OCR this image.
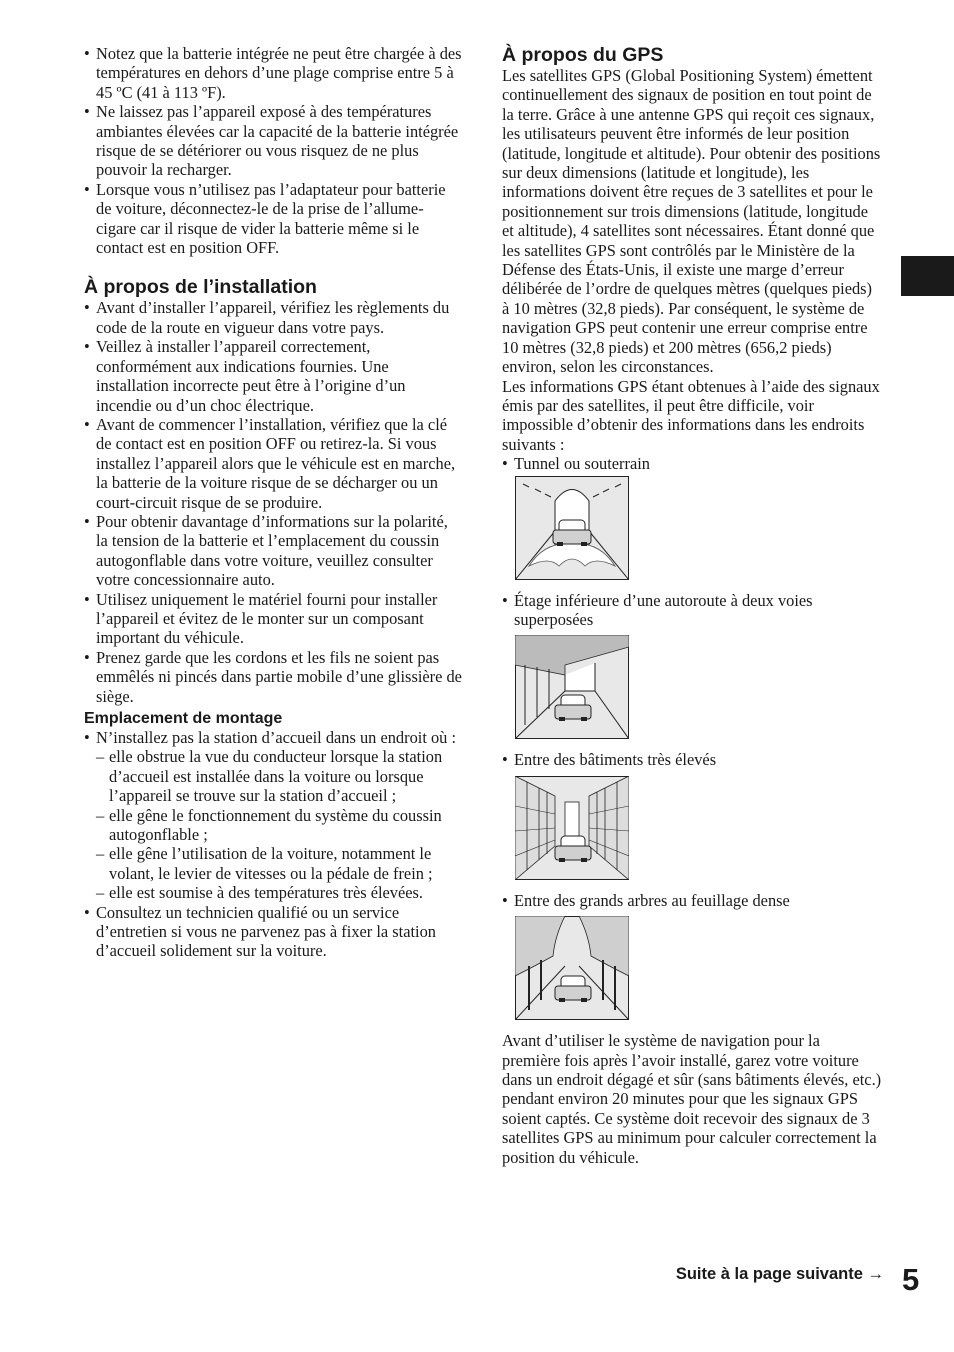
• Notez que la batterie intégrée ne peut être chargée à des températures en dehors d’une plage comprise entre 5 à 45 ºC (41 à 113 ºF).
• Ne laissez pas l’appareil exposé à des températures ambiantes élevées car la capacité de la batterie intégrée risque de se détériorer ou vous risquez de ne plus pouvoir la recharger.
• Lorsque vous n’utilisez pas l’adaptateur pour batterie de voiture, déconnectez-le de la prise de l’allume-cigare car il risque de vider la batterie même si le contact est en position OFF.
À propos de l’installation
• Avant d’installer l’appareil, vérifiez les règlements du code de la route en vigueur dans votre pays.
• Veillez à installer l’appareil correctement, conformément aux indications fournies. Une installation incorrecte peut être à l’origine d’un incendie ou d’un choc électrique.
• Avant de commencer l’installation, vérifiez que la clé de contact est en position OFF ou retirez-la. Si vous installez l’appareil alors que le véhicule est en marche, la batterie de la voiture risque de se décharger ou un court-circuit risque de se produire.
• Pour obtenir davantage d’informations sur la polarité, la tension de la batterie et l’emplacement du coussin autogonflable dans votre voiture, veuillez consulter votre concessionnaire auto.
• Utilisez uniquement le matériel fourni pour installer l’appareil et évitez de le monter sur un composant important du véhicule.
• Prenez garde que les cordons et les fils ne soient pas emmêlés ni pincés dans partie mobile d’une glissière de siège.
Emplacement de montage
• N’installez pas la station d’accueil dans un endroit où :
– elle obstrue la vue du conducteur lorsque la station d’accueil est installée dans la voiture ou lorsque l’appareil se trouve sur la station d’accueil ;
– elle gêne le fonctionnement du système du coussin autogonflable ;
– elle gêne l’utilisation de la voiture, notamment le volant, le levier de vitesses ou la pédale de frein ;
– elle est soumise à des températures très élevées.
• Consultez un technicien qualifié ou un service d’entretien si vous ne parvenez pas à fixer la station d’accueil solidement sur la voiture.
À propos du GPS

Les satellites GPS (Global Positioning System) émettent continuellement des signaux de position en tout point de la terre. Grâce à une antenne GPS qui reçoit ces signaux, les utilisateurs peuvent être informés de leur position (latitude, longitude et altitude). Pour obtenir des positions sur deux dimensions (latitude et longitude), les informations doivent être reçues de 3 satellites et pour le positionnement sur trois dimensions (latitude, longitude et altitude), 4 satellites sont nécessaires. Étant donné que les satellites GPS sont contrôlés par le Ministère de la Défense des États-Unis, il existe une marge d’erreur délibérée de l’ordre de quelques mètres (quelques pieds) à 10 mètres (32,8 pieds). Par conséquent, le système de navigation GPS peut contenir une erreur comprise entre 10 mètres (32,8 pieds) et 200 mètres (656,2 pieds) environ, selon les circonstances.

Les informations GPS étant obtenues à l’aide des signaux émis par des satellites, il peut être difficile, voir impossible d’obtenir des informations dans les endroits suivants :

• Tunnel ou souterrain
• Étage inférieure d’une autoroute à deux voies superposées
• Entre des bâtiments très élevés
• Entre des grands arbres au feuillage dense

Avant d’utiliser le système de navigation pour la première fois après l’avoir installé, garez votre voiture dans un endroit dégagé et sûr (sans bâtiments élevés, etc.) pendant environ 20 minutes pour que les signaux GPS soient captés. Ce système doit recevoir des signaux de 3 satellites GPS au minimum pour calculer correctement la position du véhicule.

Suite à la page suivante → 5
